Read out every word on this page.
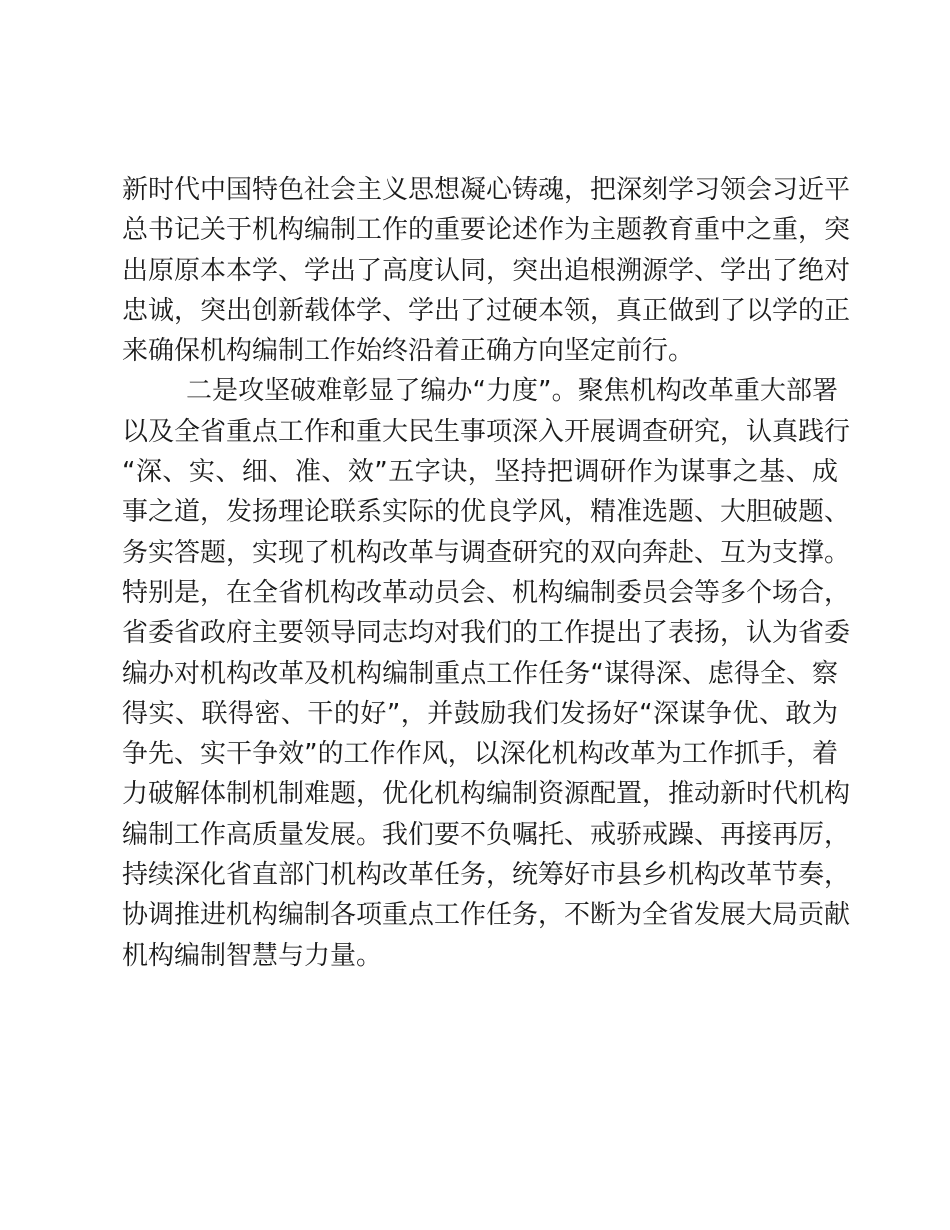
新时代中国特色社会主义思想凝心铸魂，把深刻学习领会习近平
总书记关于机构编制工作的重要论述作为主题教育重中之重，突
出原原本本学、学出了高度认同，突出追根溯源学、学出了绝对
忠诚，突出创新载体学、学出了过硬本领，真正做到了以学的正
来确保机构编制工作始终沿着正确方向坚定前行。
二是攻坚破难彰显了编办“力度”。聚焦机构改革重大部署
以及全省重点工作和重大民生事项深入开展调查研究，认真践行
“深、实、细、准、效”五字诀，坚持把调研作为谋事之基、成
事之道，发扬理论联系实际的优良学风，精准选题、大胆破题、
务实答题，实现了机构改革与调查研究的双向奔赴、互为支撑。
特别是，在全省机构改革动员会、机构编制委员会等多个场合，
省委省政府主要领导同志均对我们的工作提出了表扬，认为省委
编办对机构改革及机构编制重点工作任务“谋得深、虑得全、察
得实、联得密、干的好”，并鼓励我们发扬好“深谋争优、敢为
争先、实干争效”的工作作风，以深化机构改革为工作抓手，着
力破解体制机制难题，优化机构编制资源配置，推动新时代机构
编制工作高质量发展。我们要不负嘱托、戒骄戒躁、再接再厉，
持续深化省直部门机构改革任务，统筹好市县乡机构改革节奏，
协调推进机构编制各项重点工作任务，不断为全省发展大局贡献
机构编制智慧与力量。
